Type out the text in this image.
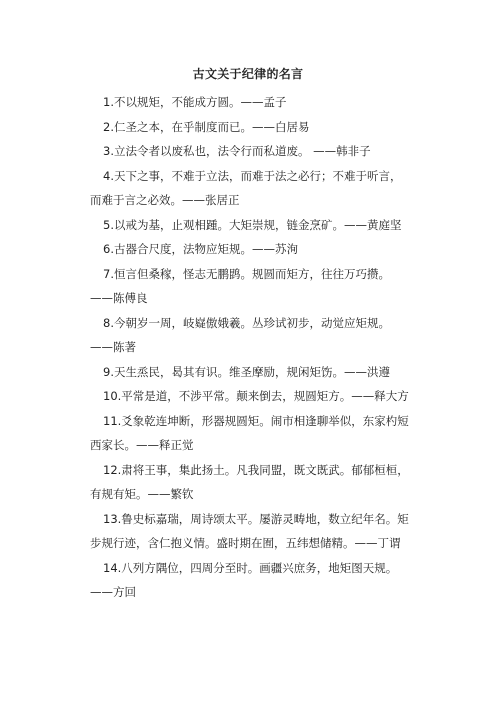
古文关于纪律的名言

1.不以规矩，不能成方圆。——孟子

2.仁圣之本，在乎制度而已。——白居易

3.立法令者以废私也，法令行而私道废。 ——韩非子

4.天下之事，不难于立法，而难于法之必行；不难于听言，而难于言之必效。——张居正

5.以戒为基，止观相踵。大矩崇规，链金烹矿。——黄庭坚

6.古器合尺度，法物应矩规。——苏洵

7.恒言但桑稼，怪志无鹏鹍。规圆而矩方，往往万巧攒。——陈傅良

8.今朝岁一周，岐嶷傲娥羲。丛珍试初步，动觉应矩规。——陈著

9.天生烝民，曷其有识。维圣摩励，规闲矩饬。——洪遵

10.平常是道，不涉平常。颠来倒去，规圆矩方。——释大方

11.爻象乾连坤断，形器规圆矩。闹市相逢聊举似，东家杓短西家长。——释正觉

12.肃将王事，集此扬土。凡我同盟，既文既武。郁郁桓桓，有规有矩。——繁钦

13.鲁史标嘉瑞，周诗颂太平。屡游灵畴地，数立纪年名。矩步规行迹，含仁抱义情。盛时期在囿，五纬想储精。——丁谓

14.八列方隅位，四周分至时。画疆兴庶务，地矩图天规。——方回
